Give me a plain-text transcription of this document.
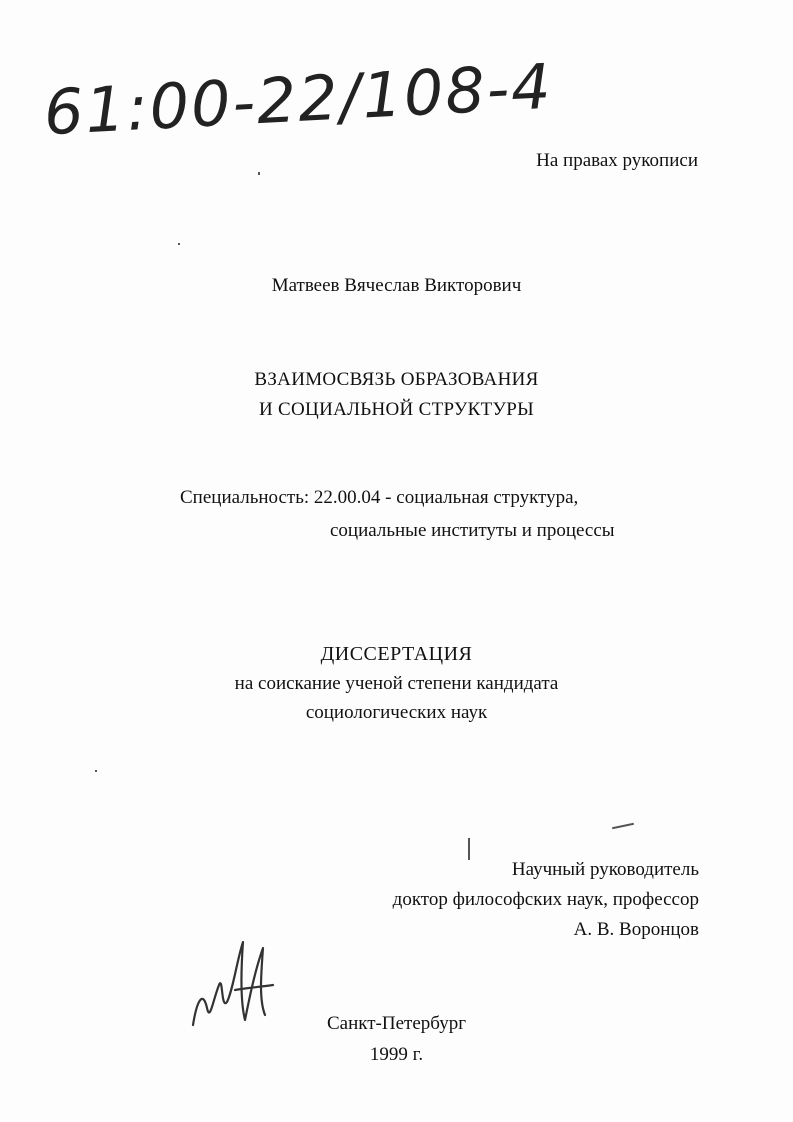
61:00-22/108-4
На правах рукописи
Матвеев Вячеслав Викторович
ВЗАИМОСВЯЗЬ ОБРАЗОВАНИЯ
И СОЦИАЛЬНОЙ СТРУКТУРЫ
Специальность: 22.00.04 - социальная структура,
социальные институты и процессы
ДИССЕРТАЦИЯ
на соискание ученой степени кандидата
социологических наук
Научный руководитель
доктор философских наук, профессор
А. В. Воронцов
Санкт-Петербург
1999 г.
